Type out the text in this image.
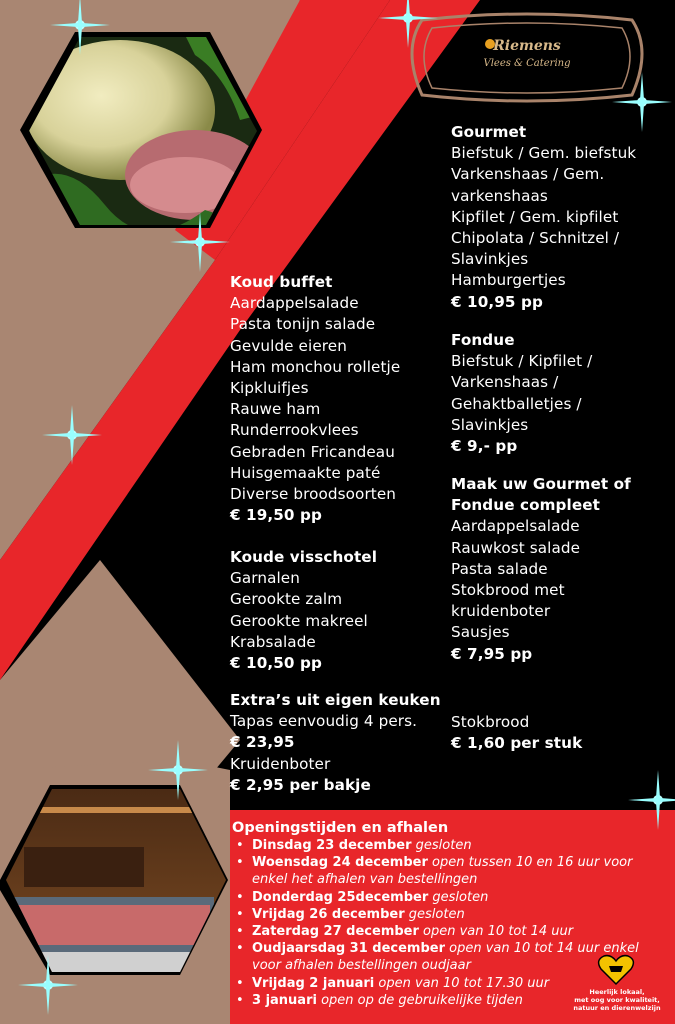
Riemens
Vlees & Catering
Koud buffet
Aardappelsalade
Pasta tonijn salade
Gevulde eieren
Ham monchou rolletje
Kipkluifjes
Rauwe ham
Runderrookvlees
Gebraden Fricandeau
Huisgemaakte paté
Diverse broodsoorten
€ 19,50 pp
Koude visschotel
Garnalen
Gerookte zalm
Gerookte makreel
Krabsalade
€ 10,50 pp
Extra’s uit eigen keuken
Tapas eenvoudig 4 pers.
€ 23,95
Kruidenboter
€ 2,95 per bakje
Gourmet
Biefstuk / Gem. biefstuk
Varkenshaas / Gem.
varkenshaas
Kipfilet / Gem. kipfilet
Chipolata / Schnitzel /
Slavinkjes
Hamburgertjes
€ 10,95 pp
Fondue
Biefstuk / Kipfilet /
Varkenshaas /
Gehaktballetjes /
Slavinkjes
€ 9,- pp
Maak uw Gourmet of
Fondue compleet
Aardappelsalade
Rauwkost salade
Pasta salade
Stokbrood met
kruidenboter
Sausjes
€ 7,95 pp
Stokbrood
€ 1,60 per stuk
Openingstijden en afhalen
• Dinsdag 23 december gesloten
• Woensdag 24 december open tussen 10 en 16 uur voor enkel het afhalen van bestellingen
• Donderdag 25december gesloten
• Vrijdag 26 december gesloten
• Zaterdag 27 december open van 10 tot 14 uur
• Oudjaarsdag 31 december open van 10 tot 14 uur enkel voor afhalen bestellingen oudjaar
• Vrijdag 2 januari open van 10 tot 17.30 uur
• 3 januari open op de gebruikelijke tijden
Heerlijk lokaal,
met oog voor kwaliteit,
natuur en dierenwelzijn
